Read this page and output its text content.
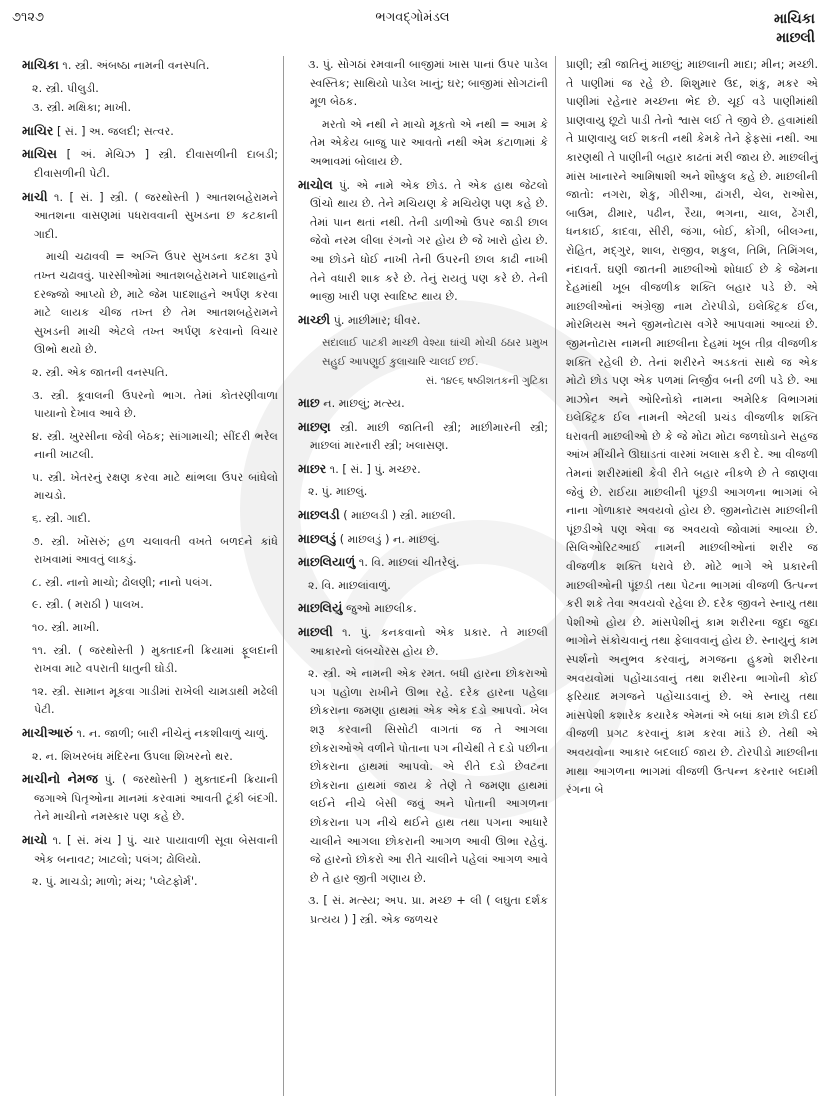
૭૧૨૭	ભગવદ્ગોમંડલ	માચિકા
માછલી

માચિકા ૧. સ્ત્રી. અંબષ્ઠા નામની વનસ્પતિ.

૨. સ્ત્રી. પીલુડી.

૩. સ્ત્રી. મક્ષિકા; માખી.

માચિર [ સં. ] અ. જલદી; સત્વર.

માચિસ [ અં. મેચિઝ ] સ્ત્રી. દીવાસળીની દાબડી; દીવાસળીની પેટી.

માચી ૧. [ સં. ] સ્ત્રી. ( જરથોસ્તી ) આતશબહેરામને આતશના વાસણમાં પધરાવવાની સુખડના છ કટકાની ગાદી.

માચી ચઢાવવી = અગ્નિ ઉપર સુખડના કટકા રૂપે તખ્ત ચઢાવવું. પારસીઓમાં આતશબહેરામને પાદશાહનો દરજ્જો આપ્યો છે, માટે જેમ પાદશાહને અર્પણ કરવા માટે લાયક ચીજ તખ્ત છે તેમ આતશબહેરામને સુખડની માચી એટલે તખ્ત અર્પણ કરવાનો વિચાર ઊભો થયો છે.

૨. સ્ત્રી. એક જાતની વનસ્પતિ.

૩. સ્ત્રી. કૂવાલની ઉપરનો ભાગ. તેમાં કોતરણીવાળા પાયાનો દેખાવ આવે છે.

૪. સ્ત્રી. ખુરસીના જેવી બેઠક; સાંગામાચી; સીંદરી ભરેલ નાની ખાટલી.

૫. સ્ત્રી. ખેતરનું રક્ષણ કરવા માટે થાંભલા ઉપર બાંધેલો માચડો.

૬. સ્ત્રી. ગાદી.

૭. સ્ત્રી. ખોંસરું; હળ ચલાવતી વખતે બળદને કાંધે રાખવામાં આવતું લાકડું.

૮. સ્ત્રી. નાનો માચો; ઢોલણી; નાનો પલંગ.

૯. સ્ત્રી. ( મરાઠી ) પાલખ.

૧૦. સ્ત્રી. માખી.

૧૧. સ્ત્રી. ( જરથોસ્તી ) મુક્તાદની ક્રિયામાં ફૂલદાની રાખવા માટે વપરાતી ધાતુની ઘોડી.

૧૨. સ્ત્રી. સામાન મૂકવા ગાડીમાં રાખેલી ચામડાથી મઢેલી પેટી.

માચીઆરું ૧. ન. જાળી; બારી નીચેનું નકશીવાળું ચાળું.

૨. ન. શિખરબંધ મંદિરના ઉપલા શિખરનો થર.

માચીનો નેમજ પું. ( જરથોસ્તી ) મુક્તાદની ક્રિયાની જગાએ પિતૃઓના માનમાં કરવામાં આવતી ટૂંકી બંદગી. તેને માચીનો નમસ્કાર પણ કહે છે.

માચો ૧. [ સં. મંચ ] પું. ચાર પાયાવાળી સૂવા બેસવાની એક બનાવટ; ખાટલો; પલંગ; ઢોલિયો.

૨. પું. માચડો; માળો; મંચ; 'પ્લેટફોર્મ'.

૩. પું. સોગઠાં રમવાની બાજીમાં ખાસ પાનાં ઉપર પાડેલ સ્વસ્તિક; સાથિયો પાડેલ ખાનું; ઘર; બાજીમાં સોગટાંની મૂળ બેઠક.

મરતો એ નથી ને માચો મૂકતો એ નથી = આમ કે તેમ એકેય બાજુ પાર આવતો નથી એમ કંટાળામાં કે અભાવમાં બોલાય છે.

માચોલ પું. એ નામે એક છોડ. તે એક હાથ જેટલો ઊંચો થાય છે. તેને મચિયણ કે મચિયેણ પણ કહે છે. તેમાં પાન થતાં નથી. તેની ડાળીઓ ઉપર જાડી છાલ જેવો નરમ લીલા રંગનો ગર હોય છે જે ખારો હોય છે. આ છોડને ધોઈ નાખી તેની ઉપરની છાલ કાઢી નાખી તેને વધારી શાક કરે છે. તેનું રાયતું પણ કરે છે. તેની ભાજી ખારી પણ સ્વાદિષ્ટ થાય છે.

માચ્છી પું. માછીમાર; ધીવર.

સદાલાઈ પાટકી માચ્છી વેશ્યા ઘાંચી મોચી ઠંઠાર પ્રમુખ સહુઈ આપણુઈ કુલાચારિ ચાલઈ છઈ.
સં. ૧૪૯૬ ષષ્ઠીશતકની ગુટિકા

માછ ન. માછલું; મત્સ્ય.

માછણ સ્ત્રી. માછી જાતિની સ્ત્રી; માછીમારની સ્ત્રી; માછલાં મારનારી સ્ત્રી; ખલાસણ.

માછર ૧. [ સં. ] પું. મચ્છર.

૨. પું. માછલું.

માછલડી ( માછલડી ) સ્ત્રી. માછલી.

માછલડું ( માછલડું ) ન. માછલું.

માછલિયાળું ૧. વિ. માછલાં ચીતરેલું.

૨. વિ. માછલાંવાળું.

માછલિયું જુઓ માછલીક.

માછલી ૧. પું. કનકવાનો એક પ્રકાર. તે માછલી આકારનો લંબચોરસ હોય છે.

૨. સ્ત્રી. એ નામની એક રમત. બધી હારના છોકરાઓ પગ પહોળા રાખીને ઊભા રહે. દરેક હારના પહેલા છોકરાના જમણા હાથમાં એક એક દડો આપવો. ખેલ શરૂ કરવાની સિસોટી વાગતાં જ તે આગલા છોકરાઓએ વળીને પોતાના પગ નીચેથી તે દડો પછીના છોકરાના હાથમાં આપવો. એ રીતે દડો છેવટના છોકરાના હાથમાં જાય કે તેણે તે જમણા હાથમાં લઈને નીચે બેસી જવું અને પોતાની આગળના છોકરાના પગ નીચે થઈને હાથ તથા પગના આધારે ચાલીને આગલા છોકરાની આગળ આવી ઊભા રહેવું. જે હારનો છોકરો આ રીતે ચાલીને પહેલાં આગળ આવે છે તે હાર જીતી ગણાય છે.

૩. [ સં. મત્સ્ય; અપ. પ્રા. મચ્છ + લી ( લઘુતા દર્શક પ્રત્યય ) ] સ્ત્રી. એક જળચર

પ્રાણી; સ્ત્રી જાતિનું માછલું; માછલાની માદા; મીન; મચ્છી. તે પાણીમાં જ રહે છે. શિશુમાર ઉદ, શંકુ, મકર એ પાણીમાં રહેનાર મચ્છના ભેદ છે. ચૂઈ વડે પાણીમાંથી પ્રાણવાયુ છૂટો પાડી તેનો શ્વાસ લઈ તે જીવે છે. હવામાંથી તે પ્રાણવાયુ લઈ શકતી નથી કેમકે તેને ફેફસાં નથી. આ કારણથી તે પાણીની બહાર કાઢતાં મરી જાય છે. માછલીનું માંસ ખાનારને આમિષાશી અને શૌષ્કુલ કહે છે. માછલીની જાતો: નગરા, શેકુ, ગીરીઆ, ઢાંગરી, ચેલ, રાઓસ, બાઉમ, ઢીમાર, પઢીન, રૈયા, ભગના, ચાલ, ઢેંગરી, ધનકાઈ, કાદવા, સીરી, જંગા, બોઈ, કોંગી, બીલગ્ના, રોહિત, મદ્ગુર, શાલ, રાજીવ, શકુલ, તિમિ, તિમિંગલ, નંદાવર્ત. ઘણી જાતની માછલીઓ શોધાઈ છે કે જેમના દેહમાંથી ખૂબ વીજળીક શક્તિ બહાર પડે છે. એ માછલીઓનાં અંગ્રેજી નામ ટોરપીડો, ઇલેક્ટ્રિક ઈલ, મોરમિયસ અને જીમનોટાસ વગેરે આપવામાં આવ્યાં છે. જીમનોટાસ નામની માછલીના દેહમાં ખૂબ તીવ્ર વીજળીક શક્તિ રહેલી છે. તેનાં શરીરને અડકતાં સાથે જ એક મોટો છોડ પણ એક પળમાં નિર્જીવ બની ઢળી પડે છે. આ માઝોન અને ઓરિનોકો નામના અમેરિક વિભાગમાં ઇલેક્ટ્રિક ઈલ નામની એટલી પ્રચંડ વીજળીક શક્તિ ધરાવતી માછલીઓ છે કે જે મોટા મોટા જળઘોડાને સહજ આંખ મીંચીને ઊઘાડતાં વારમાં ખલાસ કરી દે. આ વીજળી તેમનાં શરીરમાંથી કેવી રીતે બહાર નીકળે છે તે જાણવા જેવું છે. રાઈયા માછલીની પૂંછડી આગળના ભાગમાં બે નાના ગોળાકાર અવયવો હોય છે. જીમનોટાસ માછલીની પૂંછડીએ પણ એવા જ અવયવો જોવામાં આવ્યા છે. સિલિઓરિટઆઈ નામની માછલીઓનાં શરીર જ વીજળીક શક્તિ ધરાવે છે. મોટે ભાગે એ પ્રકારની માછલીઓની પૂંછડી તથા પેટના ભાગમાં વીજળી ઉત્પન્ન કરી શકે તેવા અવયવો રહેલા છે. દરેક જીવને સ્નાયુ તથા પેશીઓ હોય છે. માંસપેશીનું કામ શરીરના જુદા જુદા ભાગોને સંકોચવાનું તથા ફેલાવવાનું હોય છે. સ્નાયુનું કામ સ્પર્શનો અનુભવ કરવાનું, મગજના હુકમો શરીરના અવયવોમાં પહોંચાડવાનું તથા શરીરના ભાગોની કોઈ ફરિયાદ મગજને પહોંચાડવાનું છે. એ સ્નાયુ તથા માંસપેશી કશારેક કયારેક એમનાં એ બધાં કામ છોડી દઈ વીજળી પ્રગટ કરવાનું કામ કરવા માંડે છે. તેથી એ અવયવોના આકાર બદલાઈ જાય છે. ટોરપીડો માછલીના માથા આગળના ભાગમાં વીજળી ઉત્પન્ન કરનાર બદામી રંગના બે
